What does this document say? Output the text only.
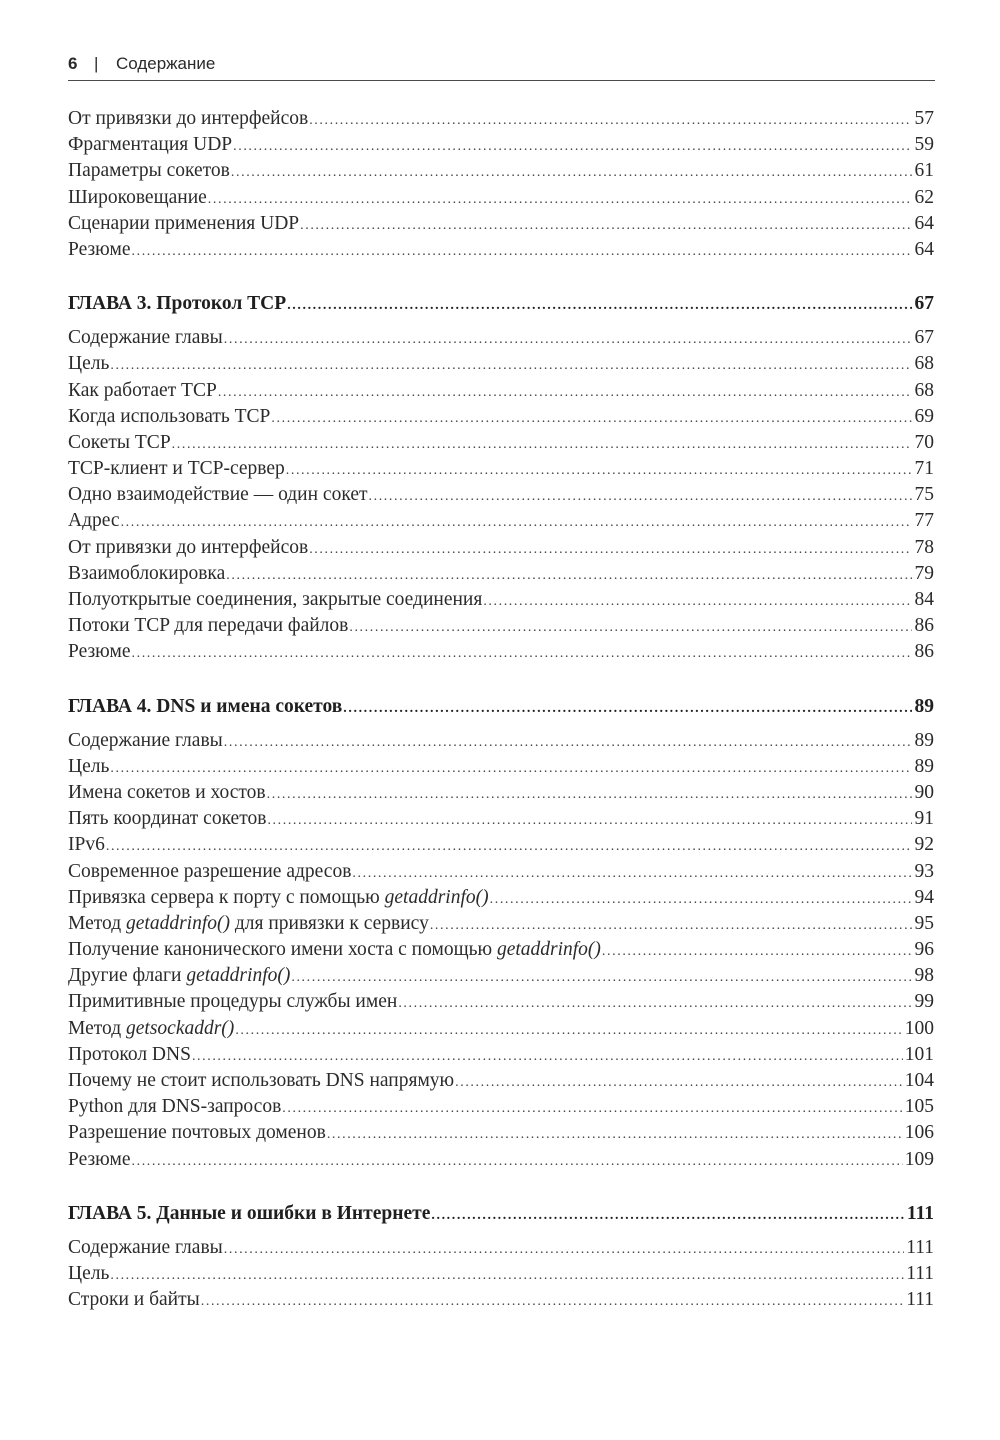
6 |	Содержание
От привязки до интерфейсов .....	57
Фрагментация UDP .....	59
Параметры сокетов .....	61
Широковещание .....	62
Сценарии применения UDP .....	64
Резюме .....	64
ГЛАВА 3. Протокол TCP .....	67
Содержание главы .....	67
Цель .....	68
Как работает TCP .....	68
Когда использовать TCP .....	69
Сокеты TCP .....	70
TCP-клиент и TCP-сервер .....	71
Одно взаимодействие — один сокет .....	75
Адрес .....	77
От привязки до интерфейсов .....	78
Взаимоблокировка .....	79
Полуоткрытые соединения, закрытые соединения .....	84
Потоки TCP для передачи файлов .....	86
Резюме .....	86
ГЛАВА 4. DNS и имена сокетов .....	89
Содержание главы .....	89
Цель .....	89
Имена сокетов и хостов .....	90
Пять координат сокетов .....	91
IPv6 .....	92
Современное разрешение адресов .....	93
Привязка сервера к порту с помощью getaddrinfo() .....	94
Метод getaddrinfo() для привязки к сервису .....	95
Получение канонического имени хоста с помощью getaddrinfo() .....	96
Другие флаги getaddrinfo() .....	98
Примитивные процедуры службы имен .....	99
Метод getsockaddr() .....	100
Протокол DNS .....	101
Почему не стоит использовать DNS напрямую .....	104
Python для DNS-запросов .....	105
Разрешение почтовых доменов .....	106
Резюме .....	109
ГЛАВА 5. Данные и ошибки в Интернете .....	111
Содержание главы .....	111
Цель .....	111
Строки и байты .....	111
